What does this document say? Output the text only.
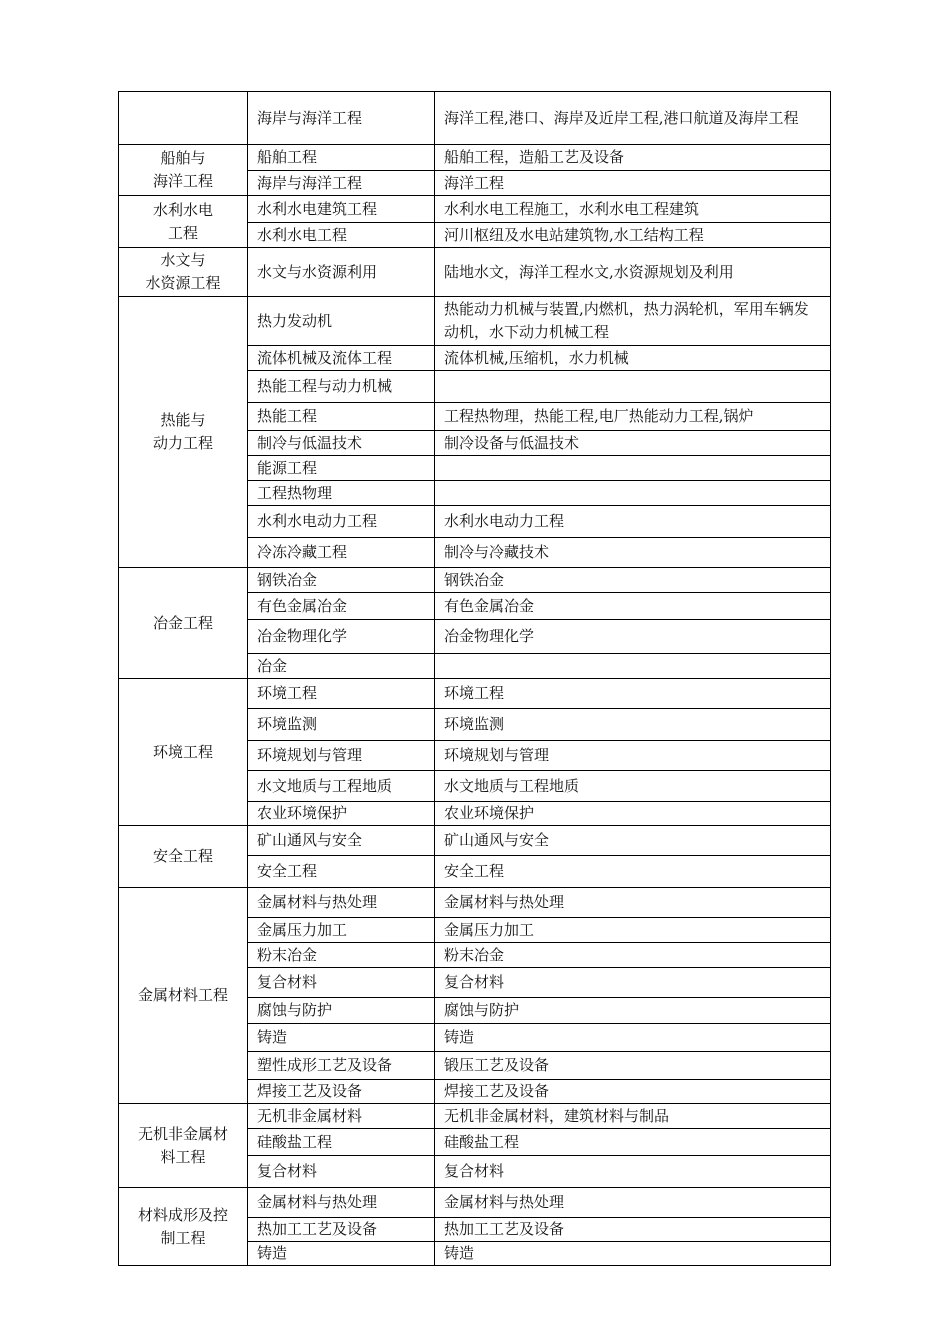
	海岸与海洋工程	海洋工程,港口、海岸及近岸工程,港口航道及海岸工程
船舶与
海洋工程	船舶工程	船舶工程，造船工艺及设备
	海岸与海洋工程	海洋工程
水利水电
工程	水利水电建筑工程	水利水电工程施工，水利水电工程建筑
	水利水电工程	河川枢纽及水电站建筑物,水工结构工程
水文与
水资源工程	水文与水资源利用	陆地水文，海洋工程水文,水资源规划及利用
热能与
动力工程	热力发动机	热能动力机械与装置,内燃机，热力涡轮机，军用车辆发动机，水下动力机械工程
	流体机械及流体工程	流体机械,压缩机，水力机械
	热能工程与动力机械	
	热能工程	工程热物理，热能工程,电厂热能动力工程,锅炉
	制冷与低温技术	制冷设备与低温技术
	能源工程	
	工程热物理	
	水利水电动力工程	水利水电动力工程
	冷冻冷藏工程	制冷与冷藏技术
冶金工程	钢铁冶金	钢铁冶金
	有色金属冶金	有色金属冶金
	冶金物理化学	冶金物理化学
	冶金	
环境工程	环境工程	环境工程
	环境监测	环境监测
	环境规划与管理	环境规划与管理
	水文地质与工程地质	水文地质与工程地质
	农业环境保护	农业环境保护
安全工程	矿山通风与安全	矿山通风与安全
	安全工程	安全工程
金属材料工程	金属材料与热处理	金属材料与热处理
	金属压力加工	金属压力加工
	粉末冶金	粉末冶金
	复合材料	复合材料
	腐蚀与防护	腐蚀与防护
	铸造	铸造
	塑性成形工艺及设备	锻压工艺及设备
	焊接工艺及设备	焊接工艺及设备
无机非金属材
料工程	无机非金属材料	无机非金属材料，建筑材料与制品
	硅酸盐工程	硅酸盐工程
	复合材料	复合材料
材料成形及控
制工程	金属材料与热处理	金属材料与热处理
	热加工工艺及设备	热加工工艺及设备
	铸造	铸造
